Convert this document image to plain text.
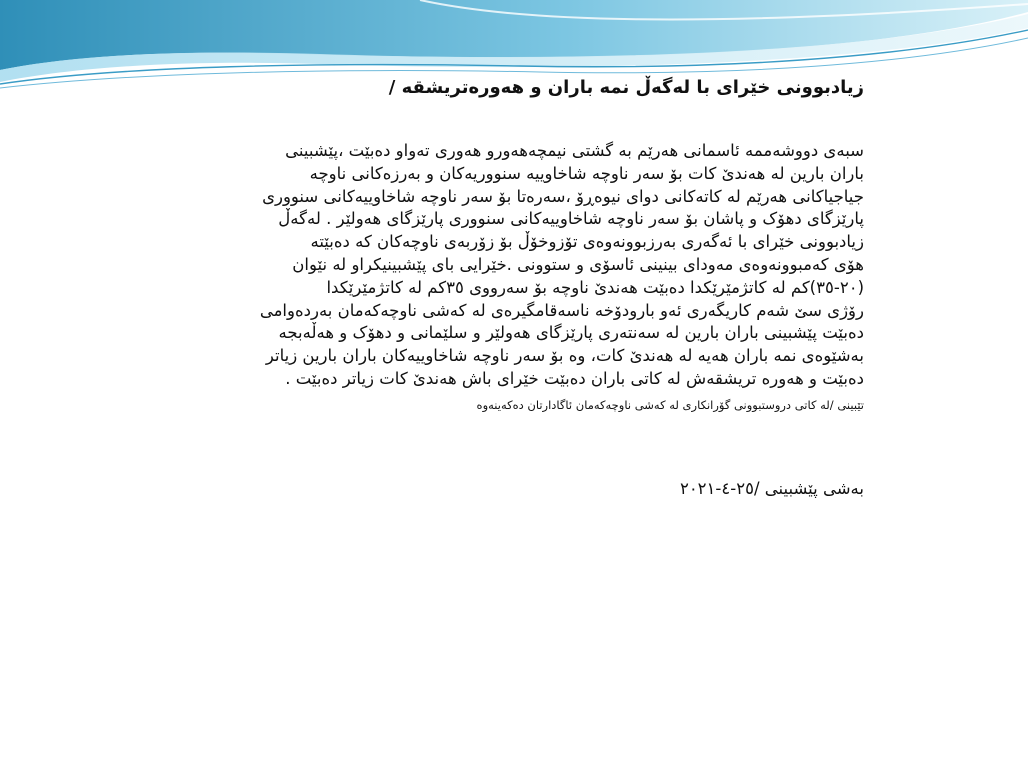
زیادبوونی خێرای با لەگەڵ نمە باران و هەورەتریشقە /
سبەی دووشەممە ئاسمانی هەرێم بە گشتی نیمچەهەورو هەوری تەواو دەبێت ،پێشبینی
باران بارین لە هەندێ کات بۆ سەر ناوچە شاخاوییە سنووریەکان و بەرزەکانی ناوچە
جیاجیاکانی هەرێم لە کاتەکانی دوای نیوەڕۆ ،سەرەتا بۆ سەر ناوچە شاخاوییەکانی سنووری
پارێزگای دهۆک و پاشان بۆ سەر ناوچە شاخاوییەکانی سنووری پارێزگای هەولێر . لەگەڵ
زیادبوونی خێرای با ئەگەری بەرزبوونەوەی تۆزوخۆڵ بۆ زۆربەی ناوچەکان کە دەبێتە
هۆی کەمبوونەوەی مەودای بینینی ئاسۆی و ستوونی .خێرایی بای پێشبینیکراو لە نێوان
(٢٠-٣٥)کم لە کاتژمێرێکدا دەبێت هەندێ ناوچە بۆ سەرووی ٣٥کم لە کاتژمێرێکدا
رۆژی سێ شەم کاریگەری ئەو بارودۆخە ناسەقامگیرەی لە کەشی ناوچەکەمان بەردەوامی
دەبێت پێشبینی باران بارین لە سەنتەری پارێزگای هەولێر و سلێمانی و دهۆک و هەڵەبجە
بەشێوەی نمە باران هەیە لە هەندێ کات، وە بۆ سەر ناوچە شاخاوییەکان باران بارین زیاتر
دەبێت و هەورە تریشقەش لە کاتی باران دەبێت خێرای باش هەندێ کات زیاتر دەبێت .
تێبینی /لە کاتی دروستبوونی گۆرانکاری لە کەشی ناوچەکەمان ئاگادارتان دەکەینەوە
بەشی پێشبینی /٢٥-٤-٢٠٢١
